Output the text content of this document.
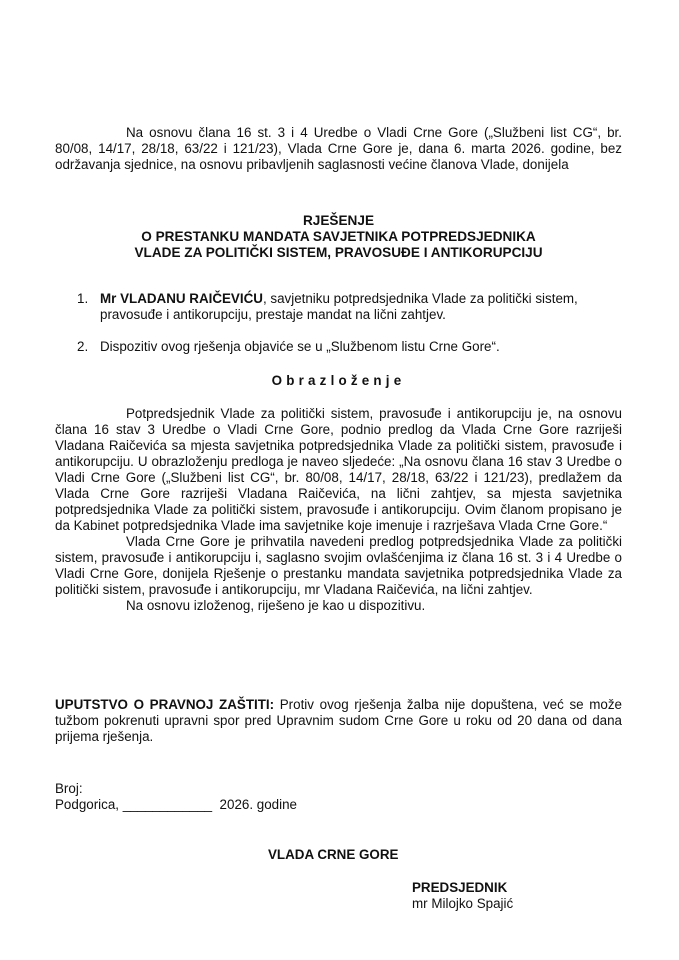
Na osnovu člana 16 st. 3 i 4 Uredbe o Vladi Crne Gore („Službeni list CG“, br. 80/08, 14/17, 28/18, 63/22 i 121/23), Vlada Crne Gore je, dana 6. marta 2026. godine, bez održavanja sjednice, na osnovu pribavljenih saglasnosti većine članova Vlade, donijela
RJEŠENJE
O PRESTANKU MANDATA SAVJETNIKA POTPREDSJEDNIKA
VLADE ZA POLITIČKI SISTEM, PRAVOSUĐE I ANTIKORUPCIJU
1. Mr VLADANU RAIČEVIĆU, savjetniku potpredsjednika Vlade za politički sistem, pravosuđe i antikorupciju, prestaje mandat na lični zahtjev.
2. Dispozitiv ovog rješenja objaviće se u „Službenom listu Crne Gore“.
Obrazloženje

Potpredsjednik Vlade za politički sistem, pravosuđe i antikorupciju je, na osnovu člana 16 stav 3 Uredbe o Vladi Crne Gore, podnio predlog da Vlada Crne Gore razriješi Vladana Raičevića sa mjesta savjetnika potpredsjednika Vlade za politički sistem, pravosuđe i antikorupciju. U obrazloženju predloga je naveo sljedeće: „Na osnovu člana 16 stav 3 Uredbe o Vladi Crne Gore („Službeni list CG“, br. 80/08, 14/17, 28/18, 63/22 i 121/23), predlažem da Vlada Crne Gore razriješi Vladana Raičevića, na lični zahtjev, sa mjesta savjetnika potpredsjednika Vlade za politički sistem, pravosuđe i antikorupciju. Ovim članom propisano je da Kabinet potpredsjednika Vlade ima savjetnike koje imenuje i razrješava Vlada Crne Gore.“

Vlada Crne Gore je prihvatila navedeni predlog potpredsjednika Vlade za politički sistem, pravosuđe i antikorupciju i, saglasno svojim ovlašćenjima iz člana 16 st. 3 i 4 Uredbe o Vladi Crne Gore, donijela Rješenje o prestanku mandata savjetnika potpredsjednika Vlade za politički sistem, pravosuđe i antikorupciju, mr Vladana Raičevića, na lični zahtjev.

Na osnovu izloženog, riješeno je kao u dispozitivu.

UPUTSTVO O PRAVNOJ ZAŠTITI: Protiv ovog rješenja žalba nije dopuštena, već se može tužbom pokrenuti upravni spor pred Upravnim sudom Crne Gore u roku od 20 dana od dana prijema rješenja.

Broj:

Podgorica, ____________  2026. godine

VLADA CRNE GORE
PREDSJEDNIK
mr Milojko Spajić
